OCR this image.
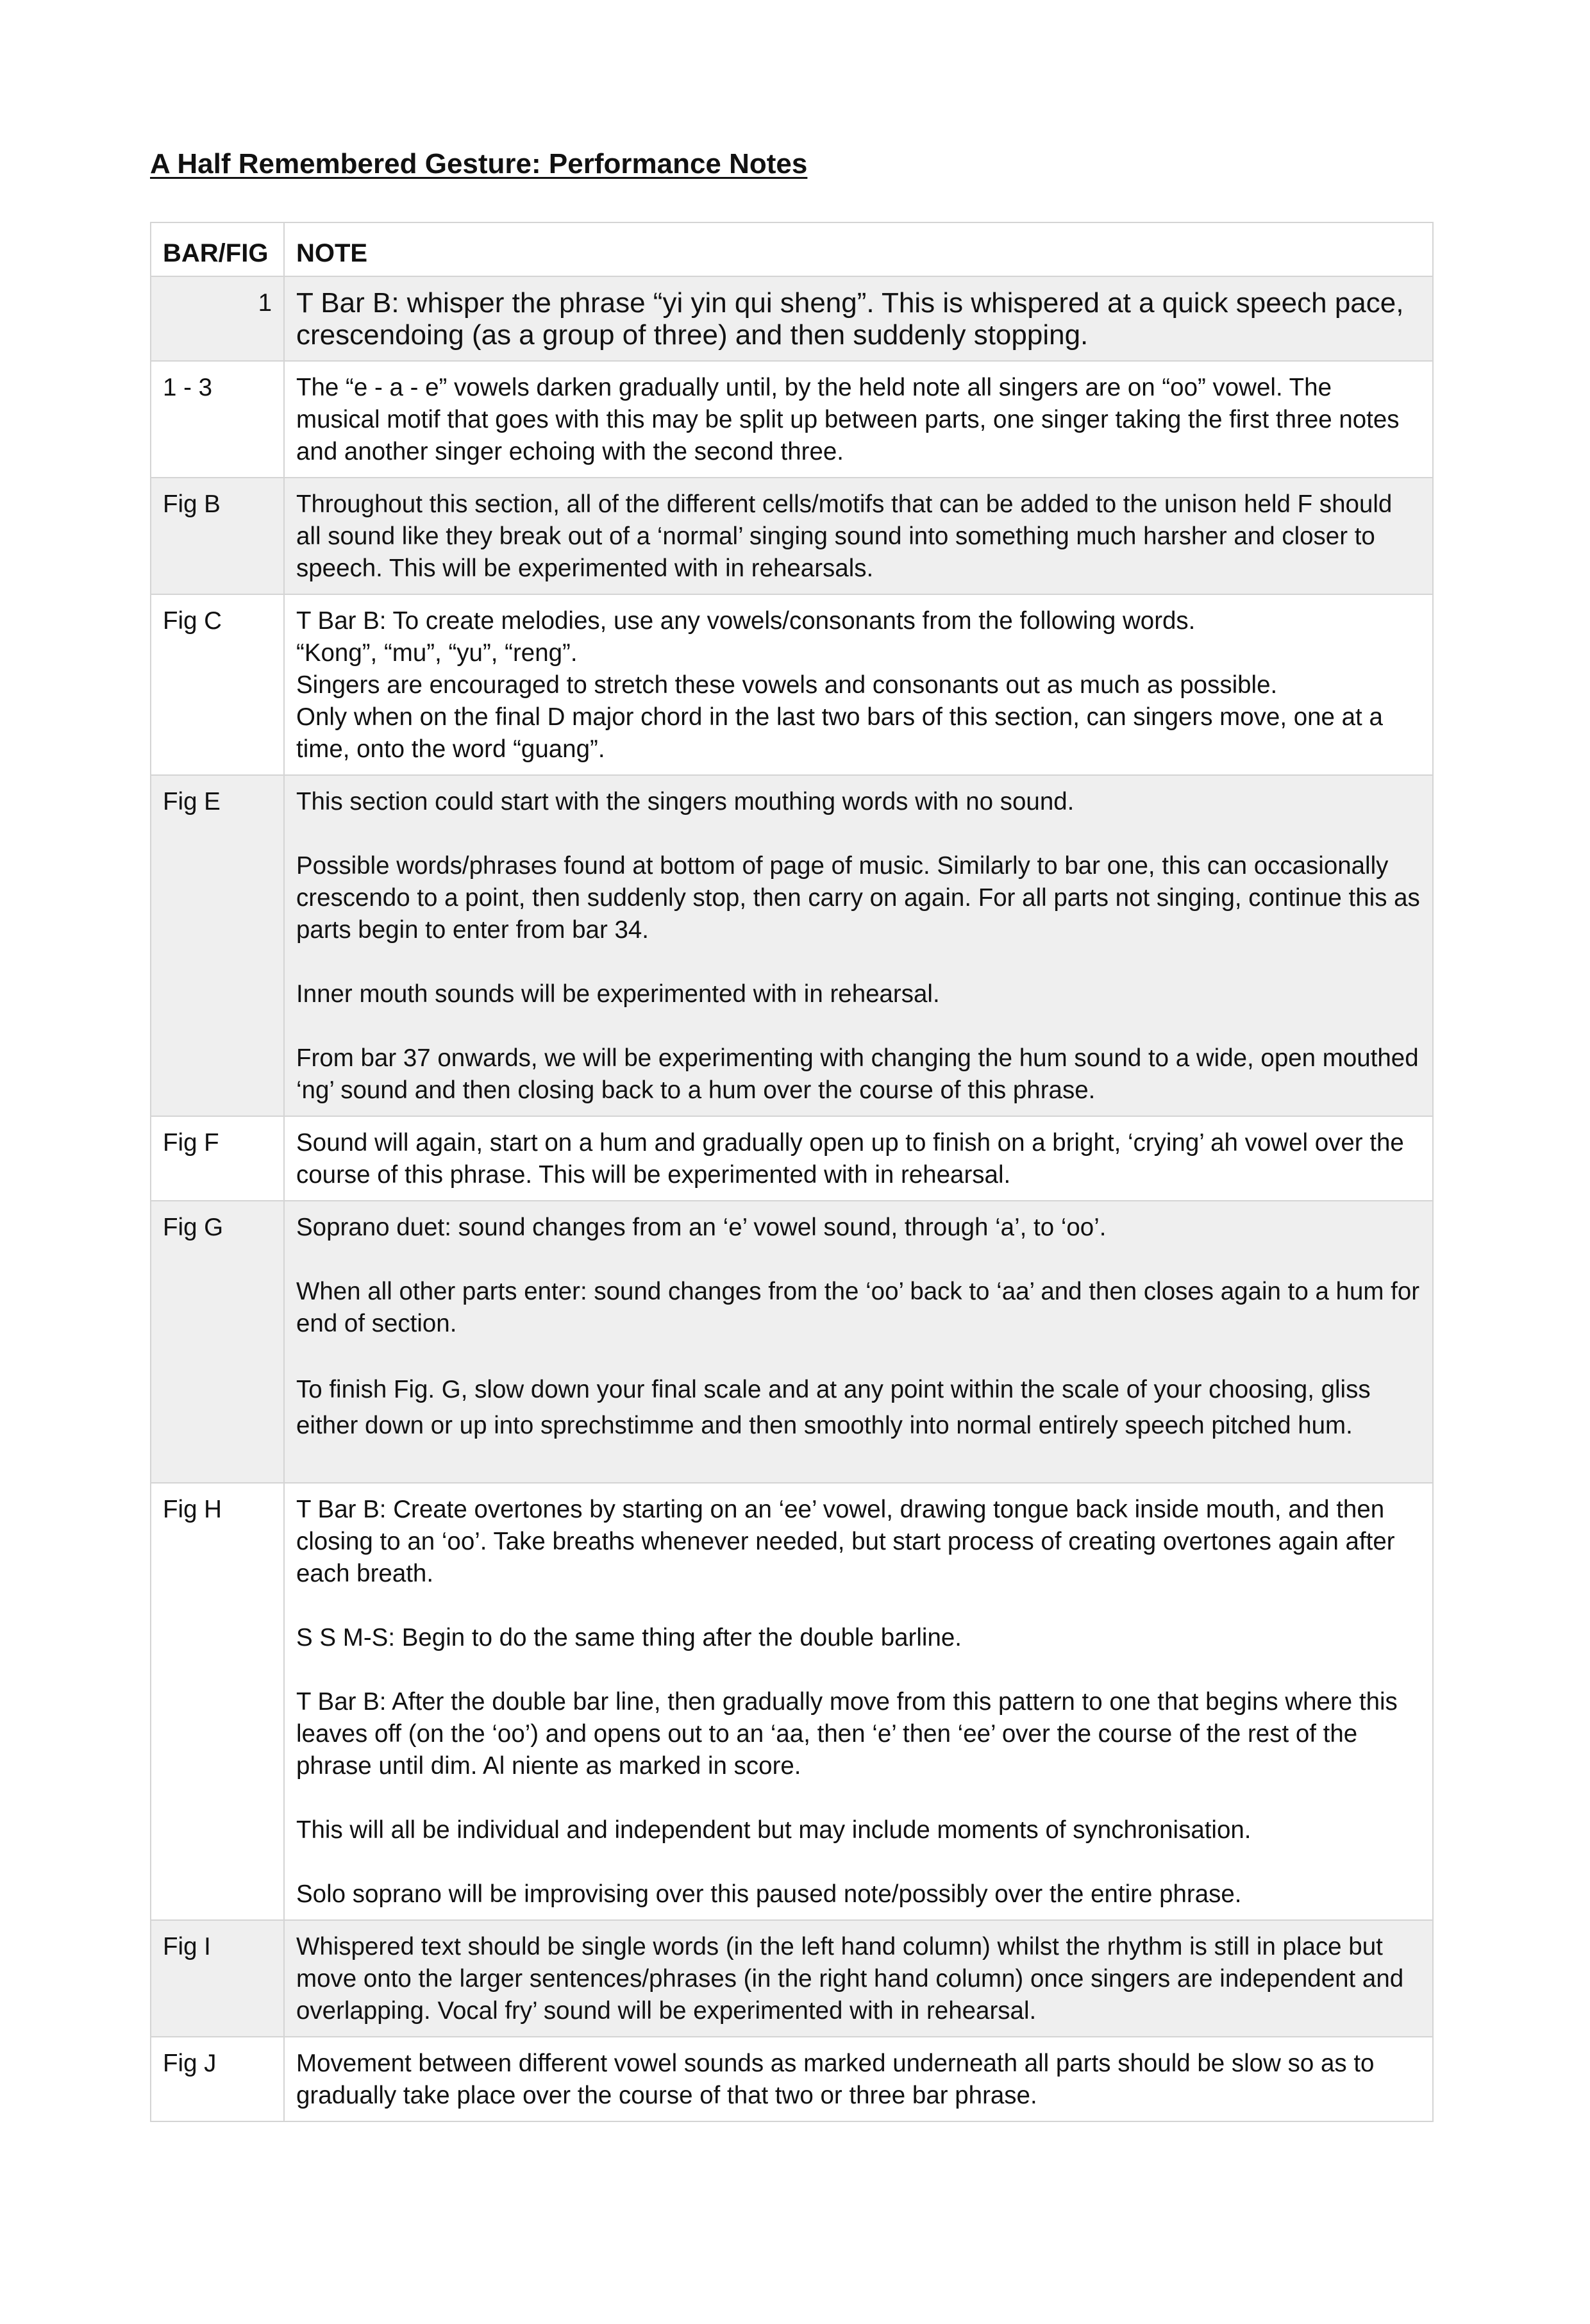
A Half Remembered Gesture: Performance Notes
BAR/FIG	NOTE
1	T Bar B: whisper the phrase “yi yin qui sheng”. This is whispered at a quick speech pace, crescendoing (as a group of three) and then suddenly stopping.

1 - 3	The “e - a - e” vowels darken gradually until, by the held note all singers are on “oo” vowel. The musical motif that goes with this may be split up between parts, one singer taking the first three notes and another singer echoing with the second three.

Fig B	Throughout this section, all of the different cells/motifs that can be added to the unison held F should all sound like they break out of a ‘normal’ singing sound into something much harsher and closer to speech. This will be experimented with in rehearsals.

Fig C	T Bar B: To create melodies, use any vowels/consonants from the following words.
“Kong”, “mu”, “yu”, “reng”.
Singers are encouraged to stretch these vowels and consonants out as much as possible.
Only when on the final D major chord in the last two bars of this section, can singers move, one at a time, onto the word “guang”.

Fig E	This section could start with the singers mouthing words with no sound.

Possible words/phrases found at bottom of page of music. Similarly to bar one, this can occasionally crescendo to a point, then suddenly stop, then carry on again. For all parts not singing, continue this as parts begin to enter from bar 34.

Inner mouth sounds will be experimented with in rehearsal.

From bar 37 onwards, we will be experimenting with changing the hum sound to a wide, open mouthed ‘ng’ sound and then closing back to a hum over the course of this phrase.

Fig F	Sound will again, start on a hum and gradually open up to finish on a bright, ‘crying’ ah vowel over the course of this phrase. This will be experimented with in rehearsal.

Fig G	Soprano duet: sound changes from an ‘e’ vowel sound, through ‘a’, to ‘oo’.

When all other parts enter: sound changes from the ‘oo’ back to ‘aa’ and then closes again to a hum for end of section.

To finish Fig. G, slow down your final scale and at any point within the scale of your choosing, gliss either down or up into sprechstimme and then smoothly into normal entirely speech pitched hum.

Fig H	T Bar B: Create overtones by starting on an ‘ee’ vowel, drawing tongue back inside mouth, and then closing to an ‘oo’. Take breaths whenever needed, but start process of creating overtones again after each breath.

S S M-S: Begin to do the same thing after the double barline.

T Bar B: After the double bar line, then gradually move from this pattern to one that begins where this leaves off (on the ‘oo’) and opens out to an ‘aa, then ‘e’ then ‘ee’ over the course of the rest of the phrase until dim. Al niente as marked in score.

This will all be individual and independent but may include moments of synchronisation.

Solo soprano will be improvising over this paused note/possibly over the entire phrase.

Fig I	Whispered text should be single words (in the left hand column) whilst the rhythm is still in place but move onto the larger sentences/phrases (in the right hand column) once singers are independent and overlapping. Vocal fry’ sound will be experimented with in rehearsal.

Fig J	Movement between different vowel sounds as marked underneath all parts should be slow so as to gradually take place over the course of that two or three bar phrase.
